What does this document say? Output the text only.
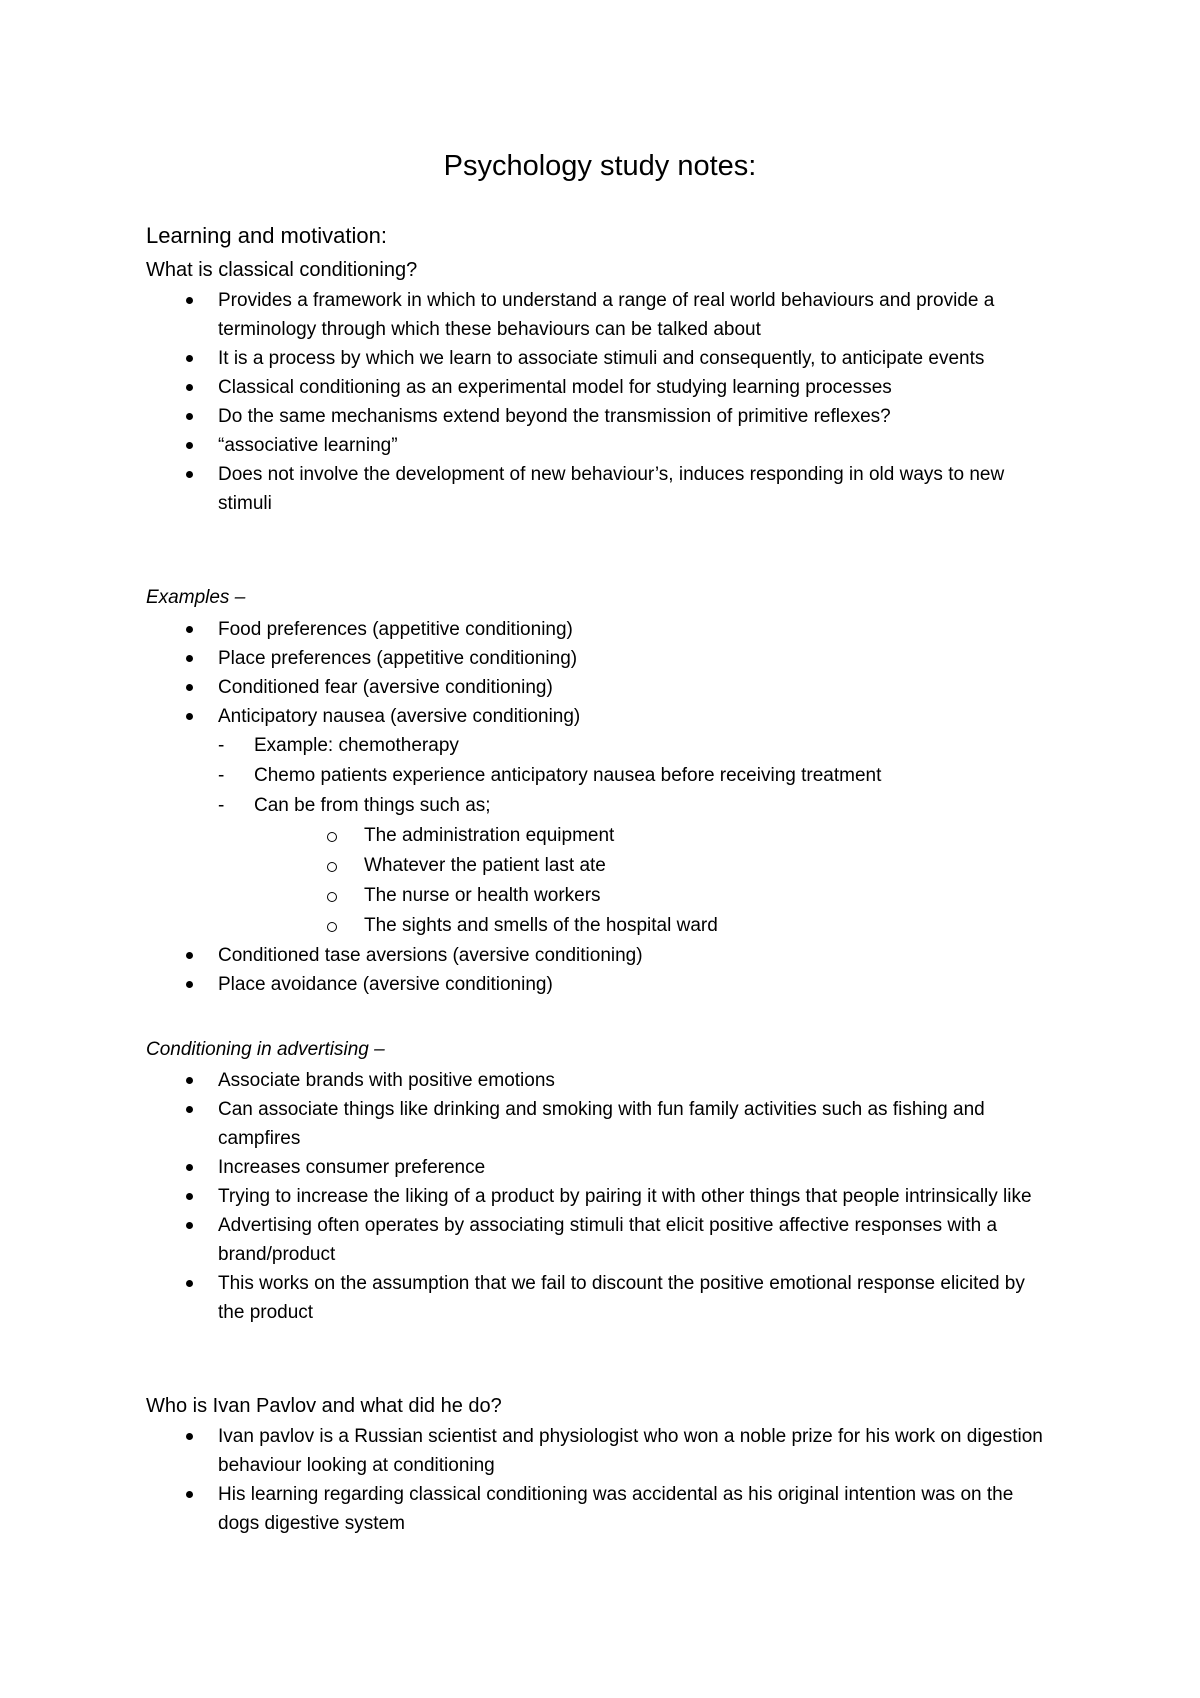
Psychology study notes:
Learning and motivation:
What is classical conditioning?
Provides a framework in which to understand a range of real world behaviours and provide a terminology through which these behaviours can be talked about
It is a process by which we learn to associate stimuli and consequently, to anticipate events
Classical conditioning as an experimental model for studying learning processes
Do the same mechanisms extend beyond the transmission of primitive reflexes?
“associative learning”
Does not involve the development of new behaviour’s, induces responding in old ways to new stimuli

Examples –

Food preferences (appetitive conditioning)
Place preferences (appetitive conditioning)
Conditioned fear (aversive conditioning)
Anticipatory nausea (aversive conditioning)
-	Example: chemotherapy
-	Chemo patients experience anticipatory nausea before receiving treatment
-	Can be from things such as;
The administration equipment
Whatever the patient last ate
The nurse or health workers
The sights and smells of the hospital ward
Conditioned tase aversions (aversive conditioning)
Place avoidance (aversive conditioning)

Conditioning in advertising –

Associate brands with positive emotions
Can associate things like drinking and smoking with fun family activities such as fishing and campfires
Increases consumer preference
Trying to increase the liking of a product by pairing it with other things that people intrinsically like
Advertising often operates by associating stimuli that elicit positive affective responses with a brand/product
This works on the assumption that we fail to discount the positive emotional response elicited by the product
Who is Ivan Pavlov and what did he do?
Ivan pavlov is a Russian scientist and physiologist who won a noble prize for his work on digestion behaviour looking at conditioning
His learning regarding classical conditioning was accidental as his original intention was on the dogs digestive system
